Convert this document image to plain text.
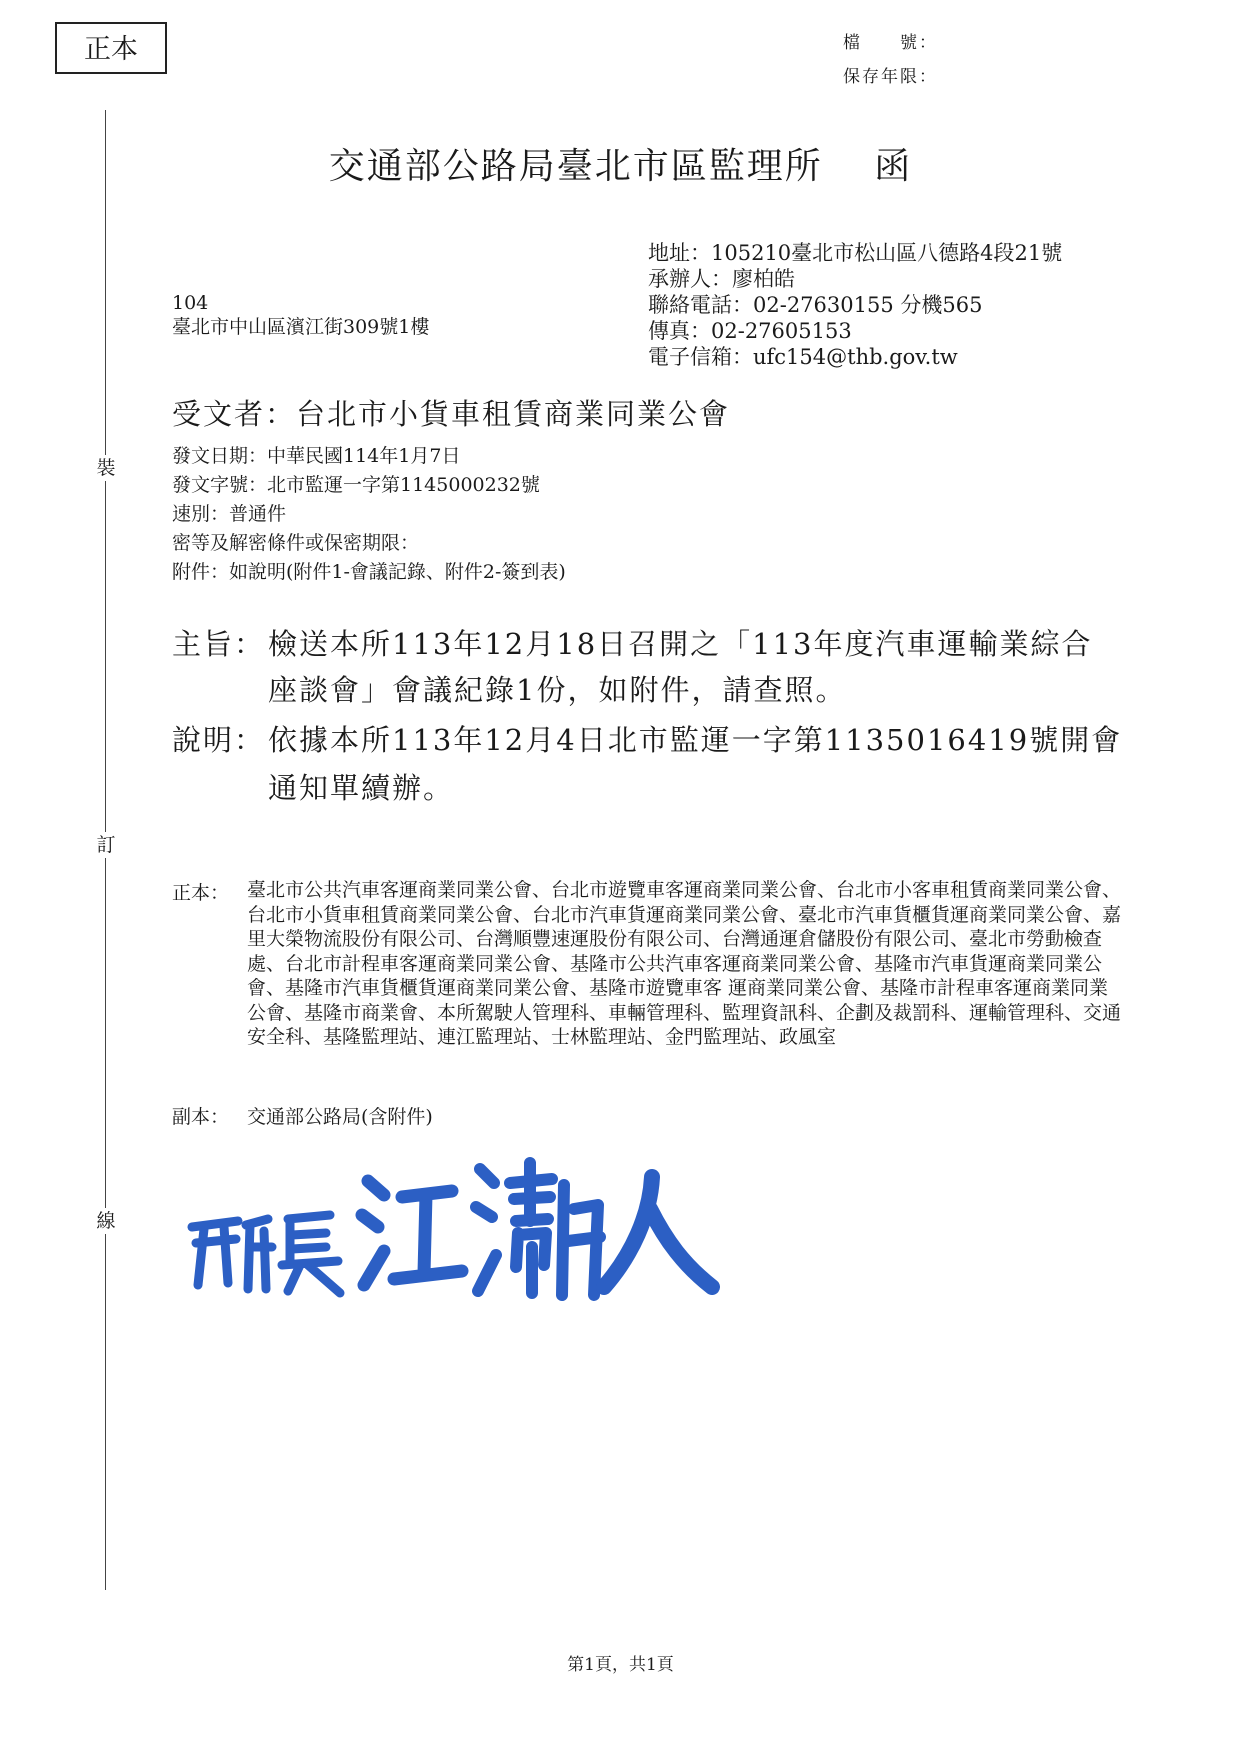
正本	檔　　號：
保存年限：
裝
訂
線
交通部公路局臺北市區監理所　 函
地址：105210臺北市松山區八德路4段21號
承辦人：廖柏皓
聯絡電話：02-27630155 分機565
傳真：02-27605153
電子信箱：ufc154@thb.gov.tw
104
臺北市中山區濱江街309號1樓
受文者：台北市小貨車租賃商業同業公會
發文日期：中華民國114年1月7日
發文字號：北市監運一字第1145000232號
速別：普通件
密等及解密條件或保密期限：
附件：如說明(附件1-會議記錄、附件2-簽到表)
主旨： 檢送本所113年12月18日召開之「113年度汽車運輸業綜合
座談會」會議紀錄1份，如附件，請查照。
說明： 依據本所113年12月4日北市監運一字第1135016419號開會
通知單續辦。
正本： 臺北市公共汽車客運商業同業公會、台北市遊覽車客運商業同業公會、台北市小客車租賃商業同業公會、台北市小貨車租賃商業同業公會、台北市汽車貨運商業同業公會、臺北市汽車貨櫃貨運商業同業公會、嘉里大榮物流股份有限公司、台灣順豐速運股份有限公司、台灣通運倉儲股份有限公司、臺北市勞動檢查處、台北市計程車客運商業同業公會、基隆市公共汽車客運商業同業公會、基隆市汽車貨運商業同業公會、基隆市汽車貨櫃貨運商業同業公會、基隆市遊覽車客 運商業同業公會、基隆市計程車客運商業同業公會、基隆市商業會、本所駕駛人管理科、車輛管理科、監理資訊科、企劃及裁罰科、運輸管理科、交通安全科、基隆監理站、連江監理站、士林監理站、金門監理站、政風室
副本： 交通部公路局(含附件)
第1頁，共1頁
